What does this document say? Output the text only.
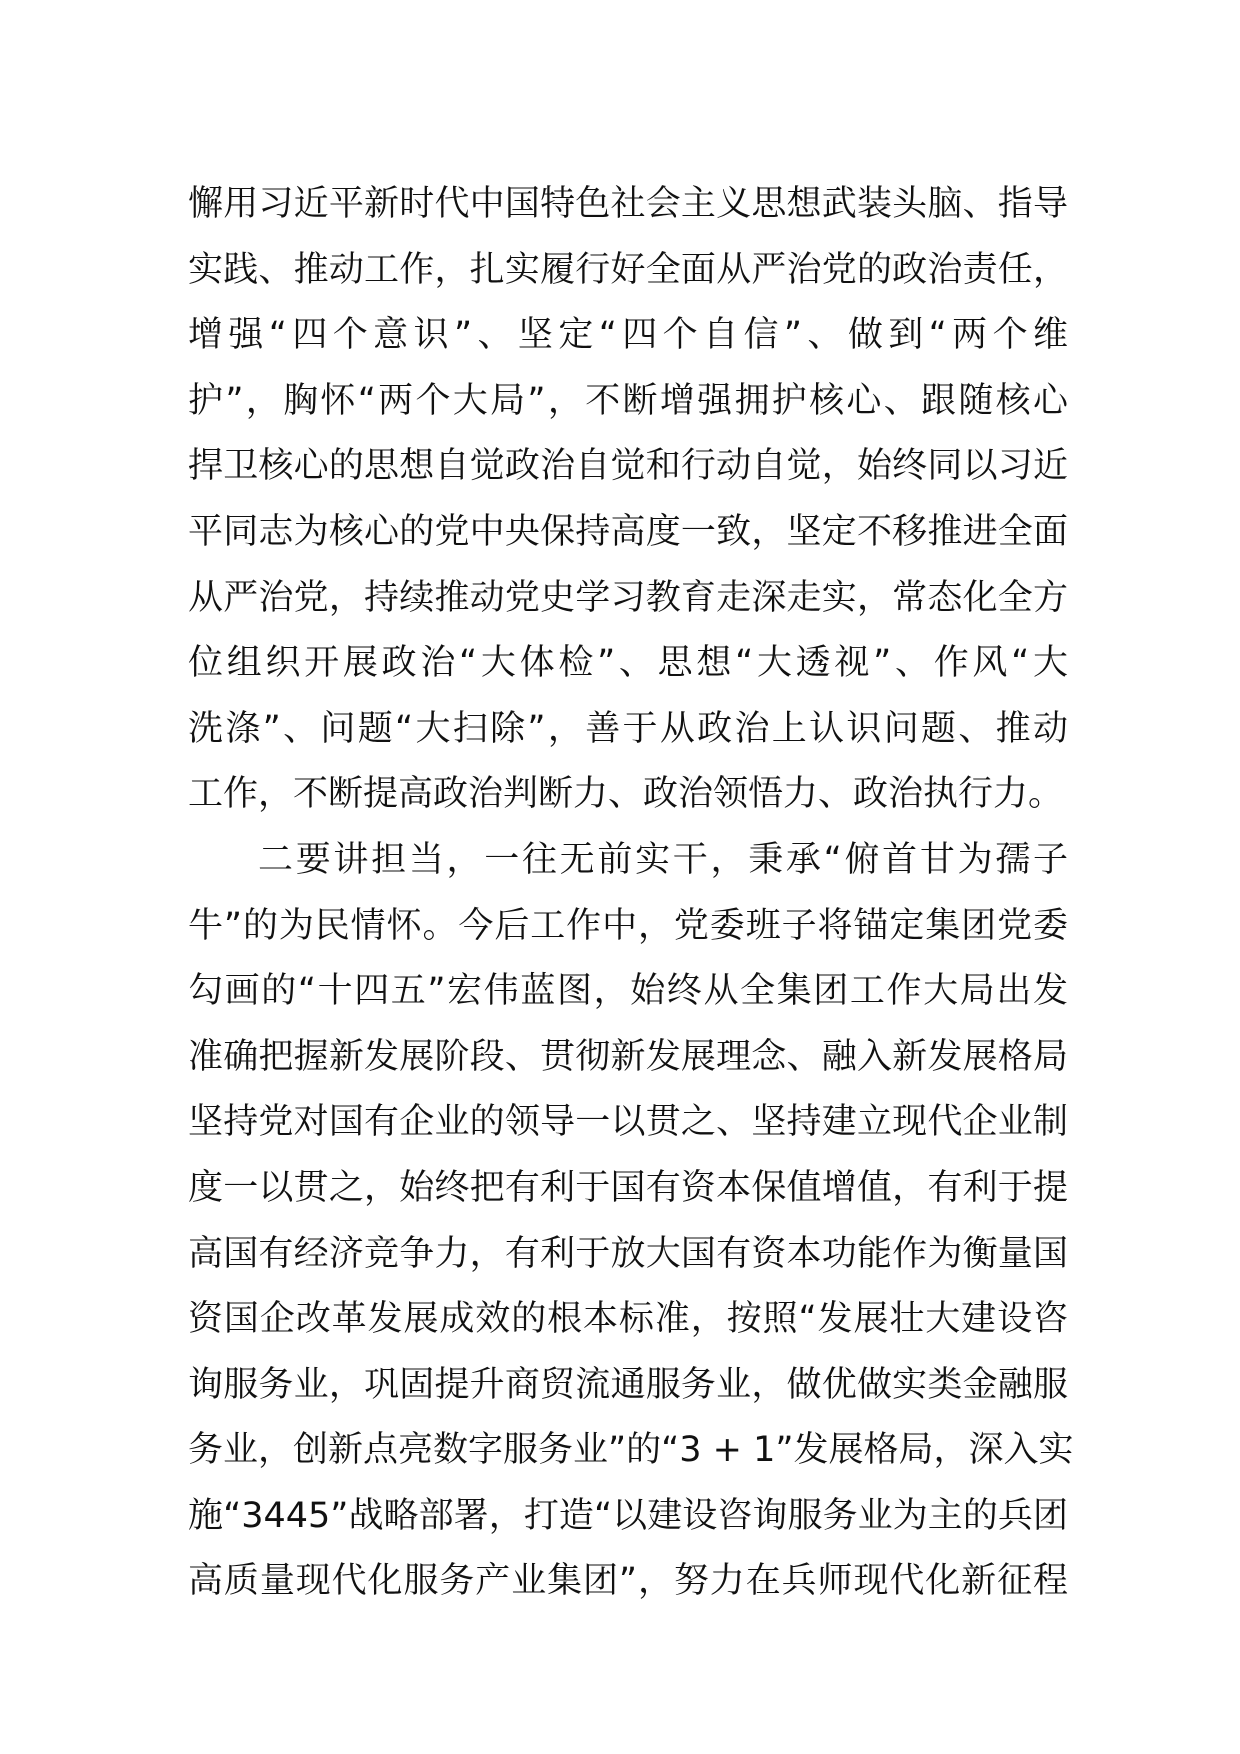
懈用习近平新时代中国特色社会主义思想武装头脑、指导
实践、推动工作，扎实履行好全面从严治党的政治责任，
增强“四个意识”、坚定“四个自信”、做到“两个维
护”，胸怀“两个大局”，不断增强拥护核心、跟随核心
捍卫核心的思想自觉政治自觉和行动自觉，始终同以习近
平同志为核心的党中央保持高度一致，坚定不移推进全面
从严治党，持续推动党史学习教育走深走实，常态化全方
位组织开展政治“大体检”、思想“大透视”、作风“大
洗涤”、问题“大扫除”，善于从政治上认识问题、推动
工作，不断提高政治判断力、政治领悟力、政治执行力。
二要讲担当，一往无前实干，秉承“俯首甘为孺子
牛”的为民情怀。今后工作中，党委班子将锚定集团党委
勾画的“十四五”宏伟蓝图，始终从全集团工作大局出发
准确把握新发展阶段、贯彻新发展理念、融入新发展格局
坚持党对国有企业的领导一以贯之、坚持建立现代企业制
度一以贯之，始终把有利于国有资本保值增值，有利于提
高国有经济竞争力，有利于放大国有资本功能作为衡量国
资国企改革发展成效的根本标准，按照“发展壮大建设咨
询服务业，巩固提升商贸流通服务业，做优做实类金融服
务业，创新点亮数字服务业”的“3 + 1”发展格局，深入实
施“3445”战略部署，打造“以建设咨询服务业为主的兵团
高质量现代化服务产业集团”，努力在兵师现代化新征程
